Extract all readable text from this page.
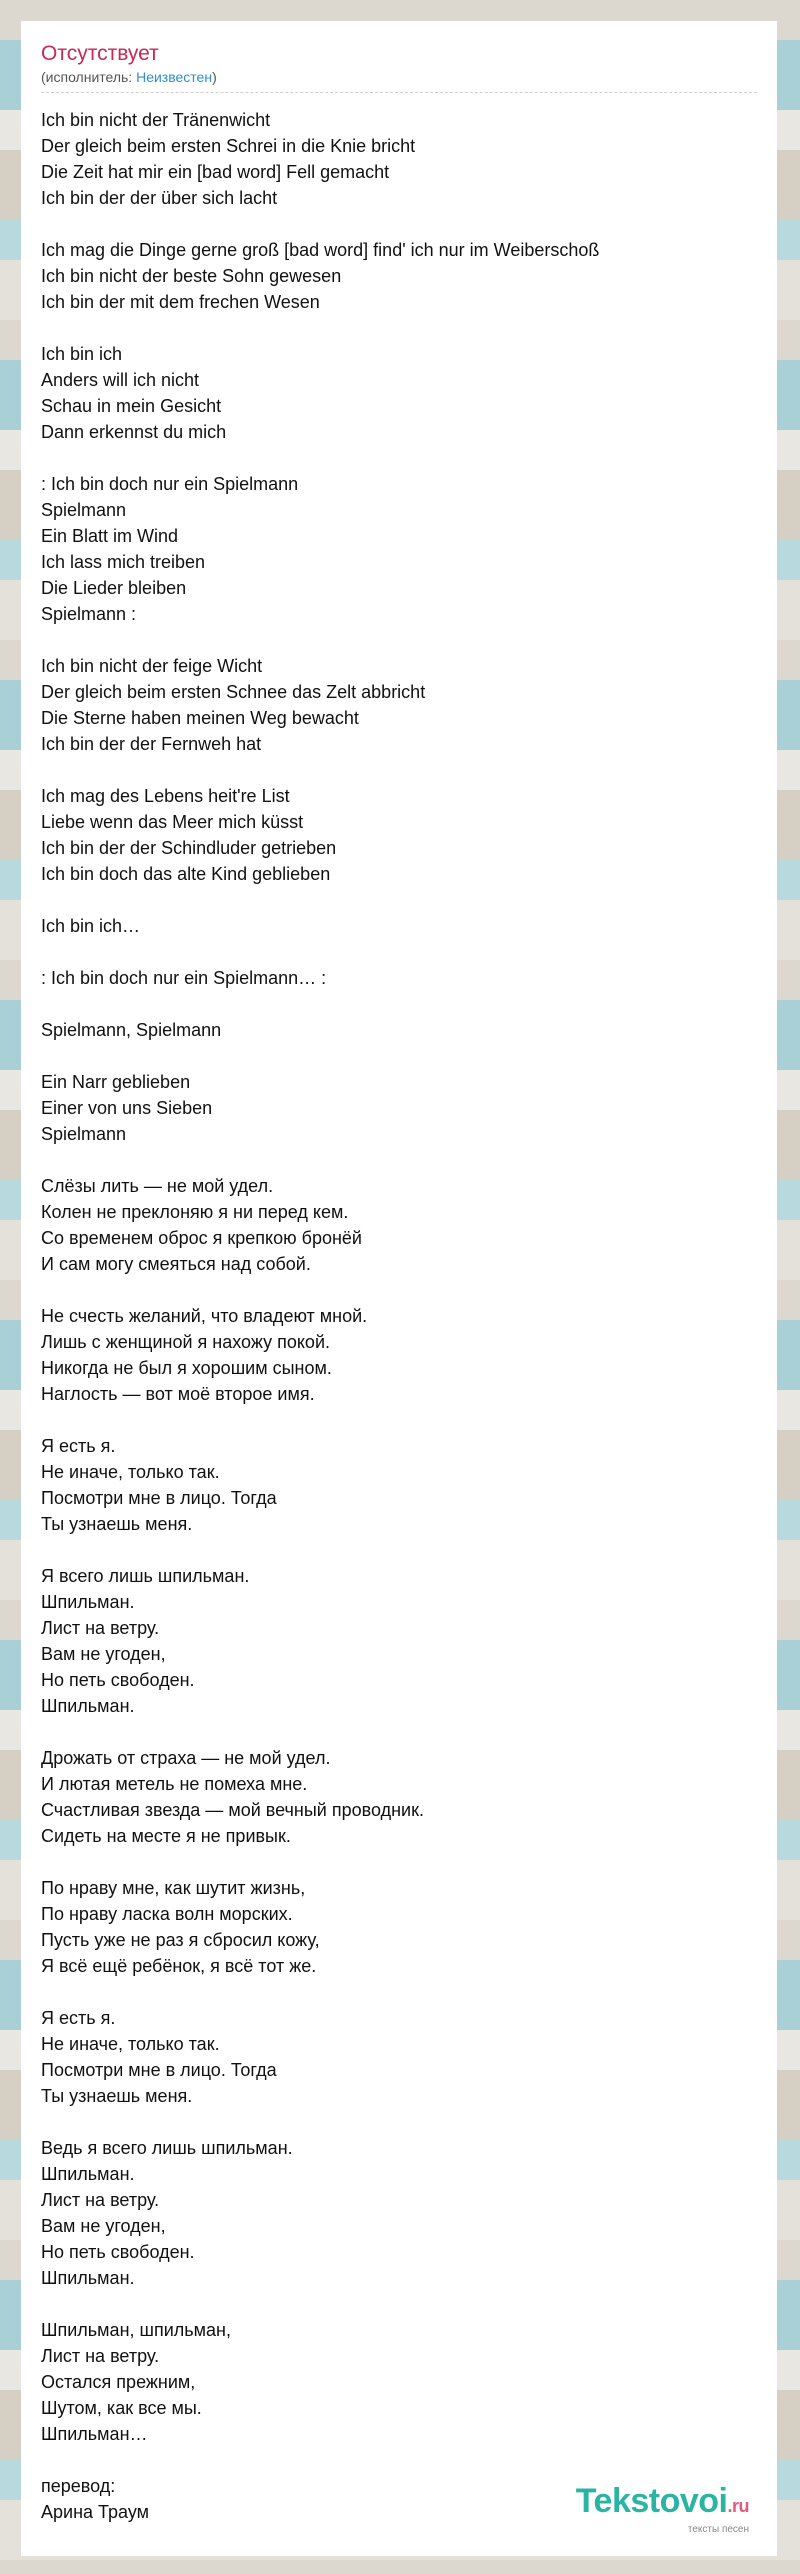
Отсутствует
(исполнитель: Неизвестен)
Ich bin nicht der Tränenwicht
Der gleich beim ersten Schrei in die Knie bricht
Die Zeit hat mir ein [bad word] Fell gemacht
Ich bin der der über sich lacht
Ich mag die Dinge gerne groß [bad word] find' ich nur im Weiberschoß
Ich bin nicht der beste Sohn gewesen
Ich bin der mit dem frechen Wesen
Ich bin ich
Anders will ich nicht
Schau in mein Gesicht
Dann erkennst du mich
: Ich bin doch nur ein Spielmann
Spielmann
Ein Blatt im Wind
Ich lass mich treiben
Die Lieder bleiben
Spielmann :
Ich bin nicht der feige Wicht
Der gleich beim ersten Schnee das Zelt abbricht
Die Sterne haben meinen Weg bewacht
Ich bin der der Fernweh hat
Ich mag des Lebens heit're List
Liebe wenn das Meer mich küsst
Ich bin der der Schindluder getrieben
Ich bin doch das alte Kind geblieben
Ich bin ich…
: Ich bin doch nur ein Spielmann… :
Spielmann, Spielmann
Ein Narr geblieben
Einer von uns Sieben
Spielmann
Слёзы лить — не мой удел.
Колен не преклоняю я ни перед кем.
Со временем оброс я крепкою бронёй
И сам могу смеяться над собой.
Не счесть желаний, что владеют мной.
Лишь с женщиной я нахожу покой.
Никогда не был я хорошим сыном.
Наглость — вот моё второе имя.
Я есть я.
Не иначе, только так.
Посмотри мне в лицо. Тогда
Ты узнаешь меня.
Я всего лишь шпильман.
Шпильман.
Лист на ветру.
Вам не угоден,
Но петь свободен.
Шпильман.
Дрожать от страха — не мой удел.
И лютая метель не помеха мне.
Счастливая звезда — мой вечный проводник.
Сидеть на месте я не привык.
По нраву мне, как шутит жизнь,
По нраву ласка волн морских.
Пусть уже не раз я сбросил кожу,
Я всё ещё ребёнок, я всё тот же.
Я есть я.
Не иначе, только так.
Посмотри мне в лицо. Тогда
Ты узнаешь меня.
Ведь я всего лишь шпильман.
Шпильман.
Лист на ветру.
Вам не угоден,
Но петь свободен.
Шпильман.
Шпильман, шпильман,
Лист на ветру.
Остался прежним,
Шутом, как все мы.
Шпильман…
перевод:
Арина Траум	Tekstovoi.ru
тексты песен
